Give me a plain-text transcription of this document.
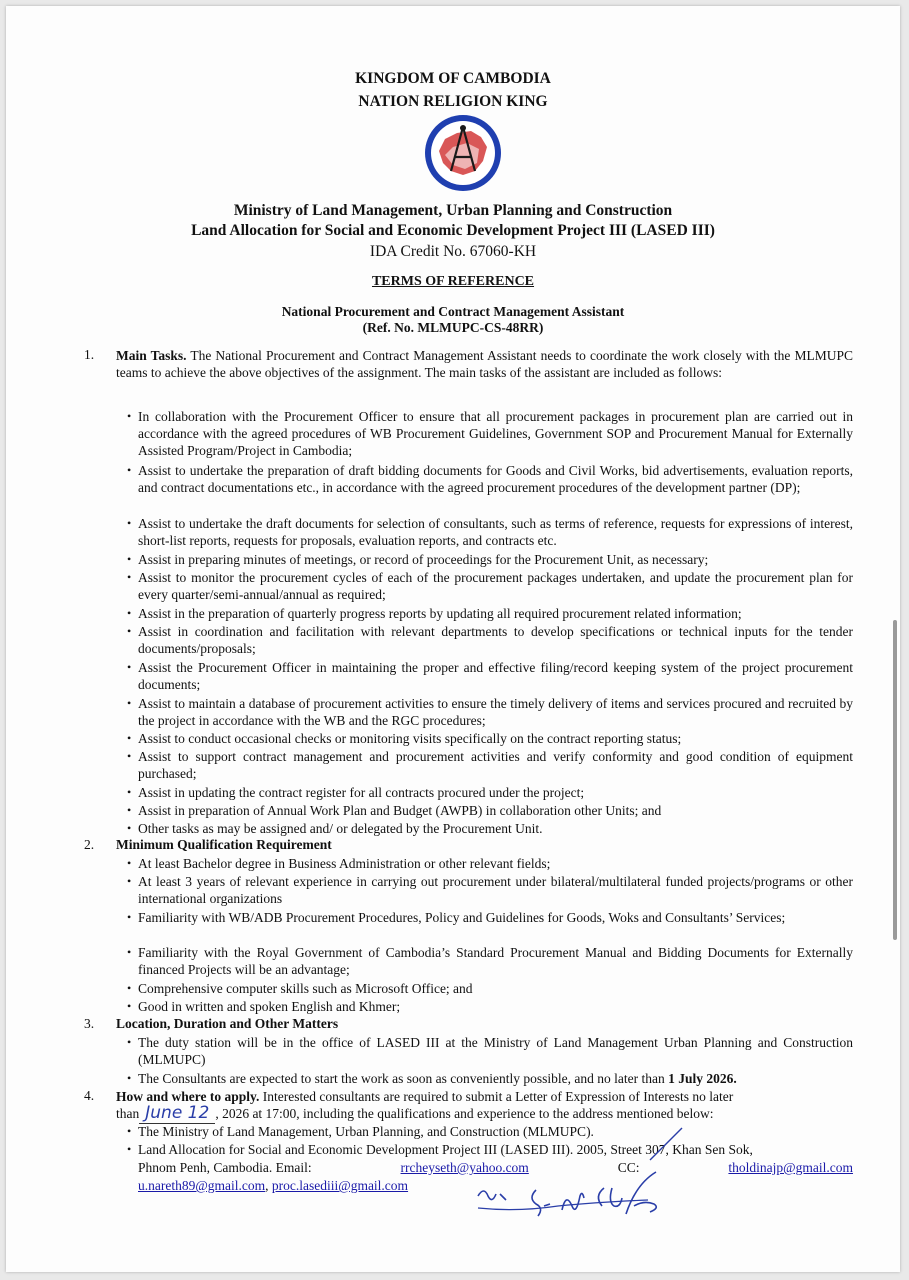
KINGDOM OF CAMBODIA
NATION RELIGION KING
Ministry of Land Management, Urban Planning and Construction
Land Allocation for Social and Economic Development Project III (LASED III)
IDA Credit No. 67060-KH
TERMS OF REFERENCE
National Procurement and Contract Management Assistant
(Ref. No. MLMUPC-CS-48RR)
1. Main Tasks. The National Procurement and Contract Management Assistant needs to coordinate the work closely with the MLMUPC teams to achieve the above objectives of the assignment. The main tasks of the assistant are included as follows:
• In collaboration with the Procurement Officer to ensure that all procurement packages in procurement plan are carried out in accordance with the agreed procedures of WB Procurement Guidelines, Government SOP and Procurement Manual for Externally Assisted Program/Project in Cambodia;
• Assist to undertake the preparation of draft bidding documents for Goods and Civil Works, bid advertisements, evaluation reports, and contract documentations etc., in accordance with the agreed procurement procedures of the development partner (DP);
• Assist to undertake the draft documents for selection of consultants, such as terms of reference, requests for expressions of interest, short-list reports, requests for proposals, evaluation reports, and contracts etc.
• Assist in preparing minutes of meetings, or record of proceedings for the Procurement Unit, as necessary;
• Assist to monitor the procurement cycles of each of the procurement packages undertaken, and update the procurement plan for every quarter/semi-annual/annual as required;
• Assist in the preparation of quarterly progress reports by updating all required procurement related information;
• Assist in coordination and facilitation with relevant departments to develop specifications or technical inputs for the tender documents/proposals;
• Assist the Procurement Officer in maintaining the proper and effective filing/record keeping system of the project procurement documents;
• Assist to maintain a database of procurement activities to ensure the timely delivery of items and services procured and recruited by the project in accordance with the WB and the RGC procedures;
• Assist to conduct occasional checks or monitoring visits specifically on the contract reporting status;
• Assist to support contract management and procurement activities and verify conformity and good condition of equipment purchased;
• Assist in updating the contract register for all contracts procured under the project;
• Assist in preparation of Annual Work Plan and Budget (AWPB) in collaboration other Units; and
• Other tasks as may be assigned and/ or delegated by the Procurement Unit.
2. Minimum Qualification Requirement
• At least Bachelor degree in Business Administration or other relevant fields;
• At least 3 years of relevant experience in carrying out procurement under bilateral/multilateral funded projects/programs or other international organizations
• Familiarity with WB/ADB Procurement Procedures, Policy and Guidelines for Goods, Woks and Consultants’ Services;
• Familiarity with the Royal Government of Cambodia’s Standard Procurement Manual and Bidding Documents for Externally financed Projects will be an advantage;
• Comprehensive computer skills such as Microsoft Office; and
• Good in written and spoken English and Khmer;
3. Location, Duration and Other Matters
• The duty station will be in the office of LASED III at the Ministry of Land Management Urban Planning and Construction (MLMUPC)
• The Consultants are expected to start the work as soon as conveniently possible, and no later than 1 July 2026.
4. How and where to apply. Interested consultants are required to submit a Letter of Expression of Interests no later
than June 12 , 2026 at 17:00, including the qualifications and experience to the address mentioned below:
• The Ministry of Land Management, Urban Planning, and Construction (MLMUPC).
• Land Allocation for Social and Economic Development Project III (LASED III). 2005, Street 307, Khan Sen Sok,
Phnom Penh, Cambodia. Email:	rrcheyseth@yahoo.com	CC:	tholdinajp@gmail.com
u.nareth89@gmail.com, proc.lasediii@gmail.com
